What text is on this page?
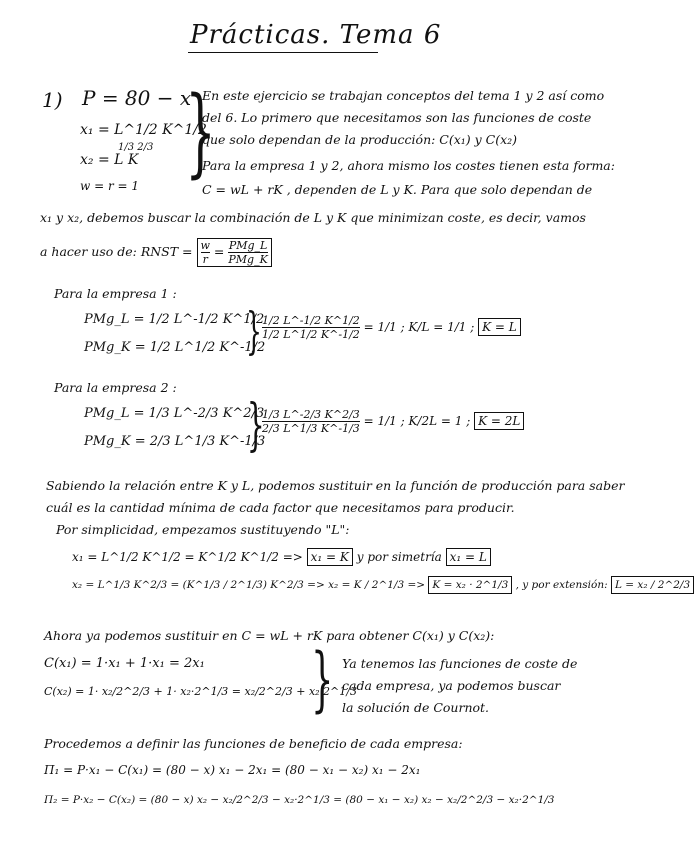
Prácticas. Tema 6
1) P = 80 − x
x₁ = L^1/2 K^1/2
1/3 2/3
x₂ = L K
w = r = 1 }
En este ejercicio se trabajan conceptos del tema 1 y 2 así como
del 6. Lo primero que necesitamos son las funciones de coste
que solo dependan de la producción: C(x₁) y C(x₂)
Para la empresa 1 y 2, ahora mismo los costes tienen esta forma:
C = wL + rK , dependen de L y K. Para que solo dependan de
x₁ y x₂, debemos buscar la combinación de L y K que minimizan coste, es decir, vamos
a hacer uso de: RNST = $\frac{w}{r} = \frac{\text{PMg\_L}}{\text{PMg\_K}}$
Para la empresa 1 :
PMg_L = 1/2 L^-1/2 K^1/2
PMg_K = 1/2 L^1/2 K^-1/2
} $\frac{1/2 L\^{}-1/2 K\^{}1/2}{1/2 L\^{}1/2 K\^{}-1/2} = 1/1$ ; K/L = 1/1 ; K = L
Para la empresa 2 :
PMg_L = 1/3 L^-2/3 K^2/3
PMg_K = 2/3 L^1/3 K^-1/3
}
$\frac{1/3 L\^{}-2/3 K\^{}2/3}{2/3 L\^{}1/3 K\^{}-1/3} = 1/1$ ; K/2L = 1 ; K = 2L
Sabiendo la relación entre K y L, podemos sustituir en la función de producción para saber
cuál es la cantidad mínima de cada factor que necesitamos para producir.
Por simplicidad, empezamos sustituyendo "L":
x₁ = L^1/2 K^1/2 = K^1/2 K^1/2 => x₁ = K y por simetría x₁ = L
x₂ = L^1/3 K^2/3 = (K^1/3 / 2^1/3) K^2/3 => x₂ = K / 2^1/3 => K = x₂ · 2^1/3 , y por extensión: L = x₂ / 2^2/3
Ahora ya podemos sustituir en C = wL + rK para obtener C(x₁) y C(x₂):
C(x₁) = 1·x₁ + 1·x₁ = 2x₁
C(x₂) = 1· x₂/2^2/3 + 1· x₂·2^1/3 = x₂/2^2/3 + x₂ 2^1/3
} Ya tenemos las funciones de coste de
cada empresa, ya podemos buscar
la solución de Cournot.
Procedemos a definir las funciones de beneficio de cada empresa:
Π₁ = P·x₁ − C(x₁) = (80 − x) x₁ − 2x₁ = (80 − x₁ − x₂) x₁ − 2x₁
Π₂ = P·x₂ − C(x₂) = (80 − x) x₂ − x₂/2^2/3 − x₂·2^1/3 = (80 − x₁ − x₂) x₂ − x₂/2^2/3 − x₂·2^1/3
